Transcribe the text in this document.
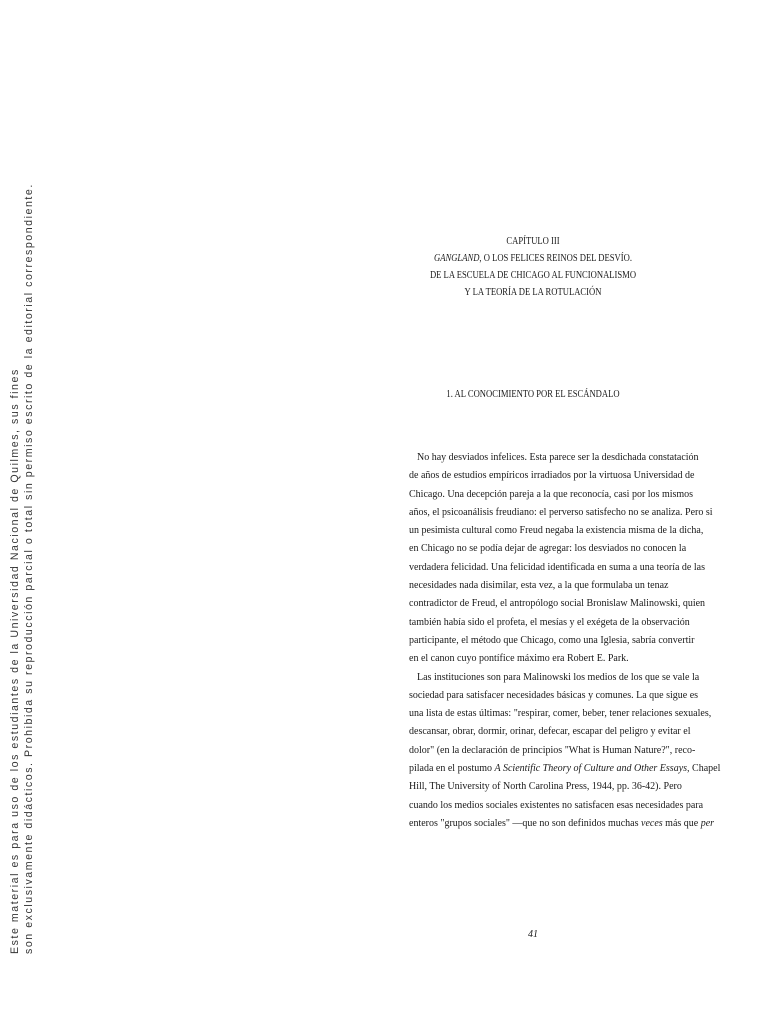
Este material es para uso de los estudiantes de la Universidad Nacional de Quilmes, sus fines son exclusivamente didácticos. Prohibida su reproducción parcial o total sin permiso escrito de la editorial correspondiente.	CAPÍTULO III
GANGLAND, O LOS FELICES REINOS DEL DESVÍO.
DE LA ESCUELA DE CHICAGO AL FUNCIONALISMO
Y LA TEORÍA DE LA ROTULACIÓN
1. AL CONOCIMIENTO POR EL ESCÁNDALO
No hay desviados infelices. Esta parece ser la desdichada constatación
de años de estudios empíricos irradiados por la virtuosa Universidad de
Chicago. Una decepción pareja a la que reconocía, casi por los mismos
años, el psicoanálisis freudiano: el perverso satisfecho no se analiza. Pero si
un pesimista cultural como Freud negaba la existencia misma de la dicha,
en Chicago no se podía dejar de agregar: los desviados no conocen la
verdadera felicidad. Una felicidad identificada en suma a una teoría de las
necesidades nada disimilar, esta vez, a la que formulaba un tenaz
contradictor de Freud, el antropólogo social Bronislaw Malinowski, quien
también había sido el profeta, el mesías y el exégeta de la observación
participante, el método que Chicago, como una Iglesia, sabría convertir
en el canon cuyo pontífice máximo era Robert E. Park.
Las instituciones son para Malinowski los medios de los que se vale la
sociedad para satisfacer necesidades básicas y comunes. La que sigue es
una lista de estas últimas: "respirar, comer, beber, tener relaciones sexuales,
descansar, obrar, dormir, orinar, defecar, escapar del peligro y evitar el
dolor" (en la declaración de principios "What is Human Nature?", reco-
pilada en el postumo A Scientific Theory of Culture and Other Essays, Chapel
Hill, The University of North Carolina Press, 1944, pp. 36-42). Pero
cuando los medios sociales existentes no satisfacen esas necesidades para
enteros "grupos sociales" —que no son definidos muchas veces más que per
41
